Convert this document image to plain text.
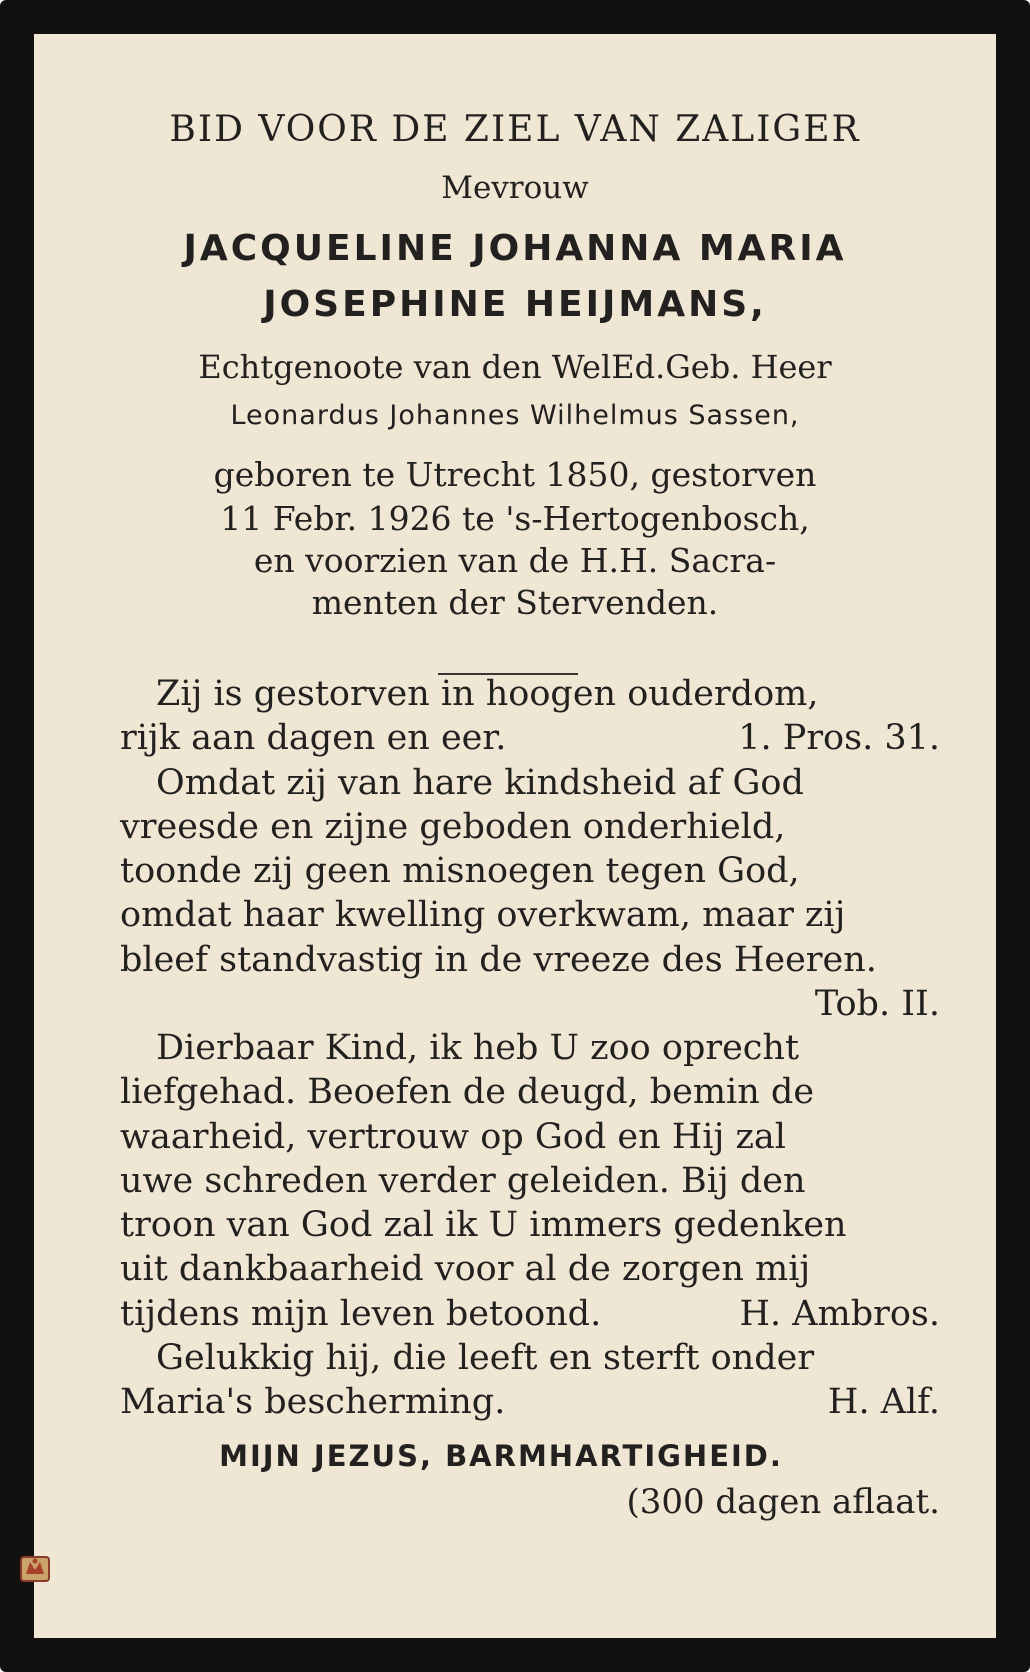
BID VOOR DE ZIEL VAN ZALIGER
Mevrouw
JACQUELINE JOHANNA MARIA
JOSEPHINE HEIJMANS,
Echtgenoote van den WelEd.Geb. Heer
Leonardus Johannes Wilhelmus Sassen,
geboren te Utrecht 1850, gestorven
11 Febr. 1926 te 's-Hertogenbosch,
en voorzien van de H.H. Sacra-
menten der Stervenden.
Zij is gestorven in hoogen ouderdom,
rijk aan dagen en eer.	1. Pros. 31.
Omdat zij van hare kindsheid af God
vreesde en zijne geboden onderhield,
toonde zij geen misnoegen tegen God,
omdat haar kwelling overkwam, maar zij
bleef standvastig in de vreeze des Heeren.
Tob. II.
Dierbaar Kind, ik heb U zoo oprecht
liefgehad. Beoefen de deugd, bemin de
waarheid, vertrouw op God en Hij zal
uwe schreden verder geleiden. Bij den
troon van God zal ik U immers gedenken
uit dankbaarheid voor al de zorgen mij
tijdens mijn leven betoond.	H. Ambros.
Gelukkig hij, die leeft en sterft onder
Maria's bescherming.	H. Alf.
MIJN JEZUS, BARMHARTIGHEID.
(300 dagen aflaat.
